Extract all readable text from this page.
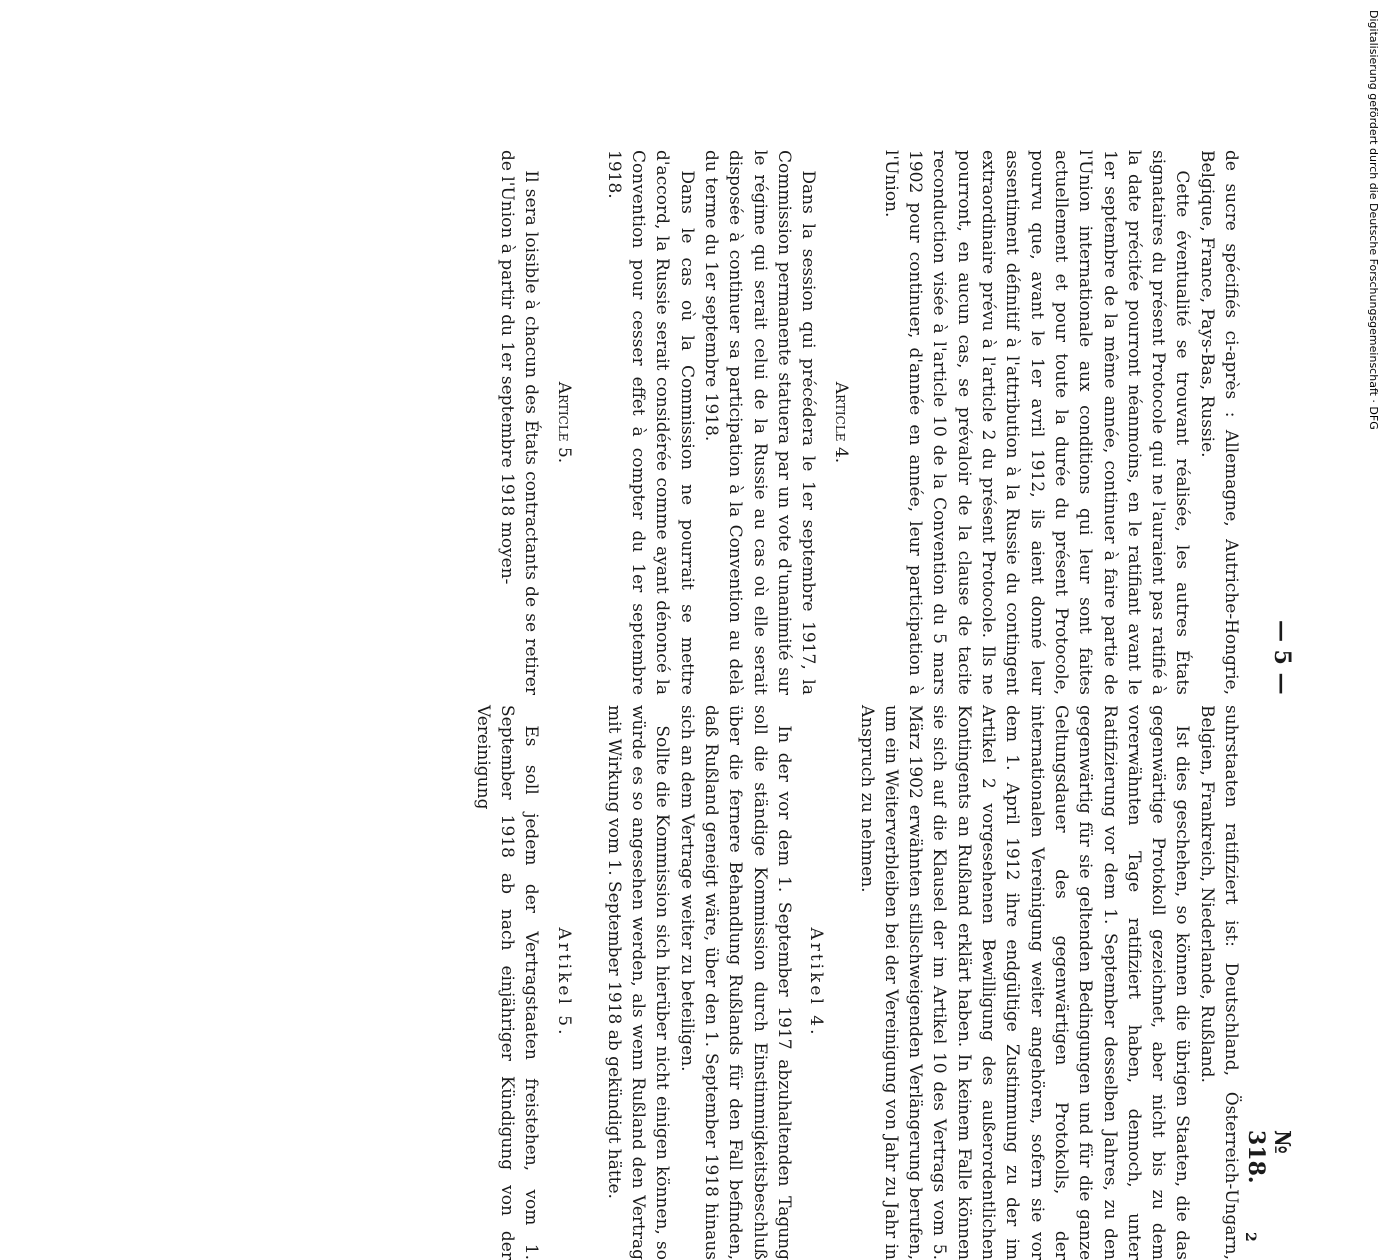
de sucre spécifiés ci-après : Allemagne, Autriche-Hongrie, Belgique, France, Pays-Bas, Russie.

Cette éventualité se trouvant réalisée, les autres États signataires du présent Protocole qui ne l'auraient pas ratifié à la date précitée pourront néanmoins, en le ratifiant avant le 1er septembre de la même année, continuer à faire partie de l'Union internationale aux conditions qui leur sont faites actuellement et pour toute la durée du présent Protocole, pourvu que, avant le 1er avril 1912, ils aient donné leur assentiment définitif à l'attribution à la Russie du contingent extraordinaire prévu à l'article 2 du présent Protocole. Ils ne pourront, en aucun cas, se prévaloir de la clause de tacite reconduction visée à l'article 10 de la Convention du 5 mars 1902 pour continuer, d'année en année, leur participation à l'Union.

Article 4.

Dans la session qui précédera le 1er septembre 1917, la Commission permanente statuera par un vote d'unanimité sur le régime qui serait celui de la Russie au cas où elle serait disposée à continuer sa participation à la Convention au delà du terme du 1er septembre 1918.

Dans le cas où la Commission ne pourrait se mettre d'accord, la Russie serait considérée comme ayant dénoncé la Convention pour cesser effet à compter du 1er septembre 1918.

Article 5.

Il sera loisible à chacun des États contractants de se retirer de l'Union à partir du 1er septembre 1918 moyen-

suhrstaaten ratifiziert ist: Deutschland, Österreich-Ungarn, Belgien, Frankreich, Niederlande, Rußland.

Ist dies geschehen, so können die übrigen Staaten, die das gegenwärtige Protokoll gezeichnet, aber nicht bis zu dem vorerwähnten Tage ratifiziert haben, dennoch, unter Ratifizierung vor dem 1. September desselben Jahres, zu den gegenwärtig für sie geltenden Bedingungen und für die ganze Geltungsdauer des gegenwärtigen Protokolls, der internationalen Vereinigung weiter angehören, sofern sie vor dem 1. April 1912 ihre endgültige Zustimmung zu der im Artikel 2 vorgesehenen Bewilligung des außerordentlichen Kontingents an Rußland erklärt haben. In keinem Falle können sie sich auf die Klausel der im Artikel 10 des Vertrags vom 5. März 1902 erwähnten stillschweigenden Verlängerung berufen, um ein Weiterverbleiben bei der Vereinigung von Jahr zu Jahr in Anspruch zu nehmen.

Artikel 4.

In der vor dem 1. September 1917 abzuhaltenden Tagung soll die ständige Kommission durch Einstimmigkeitsbeschluß über die fernere Behandlung Rußlands für den Fall befinden, daß Rußland geneigt wäre, über den 1. September 1918 hinaus sich an dem Vertrage weiter zu beteiligen.

Sollte die Kommission sich hierüber nicht einigen können, so würde es so angesehen werden, als wenn Rußland den Vertrag mit Wirkung vom 1. September 1918 ab gekündigt hätte.

Artikel 5.

Es soll jedem der Vertragstaaten freistehen, vom 1. September 1918 ab nach einjähriger Kündigung von der Vereinigung

— 5 —
№ 318.
2
Digitalisierung gefördert durch die Deutsche Forschungsgemeinschaft · DFG
